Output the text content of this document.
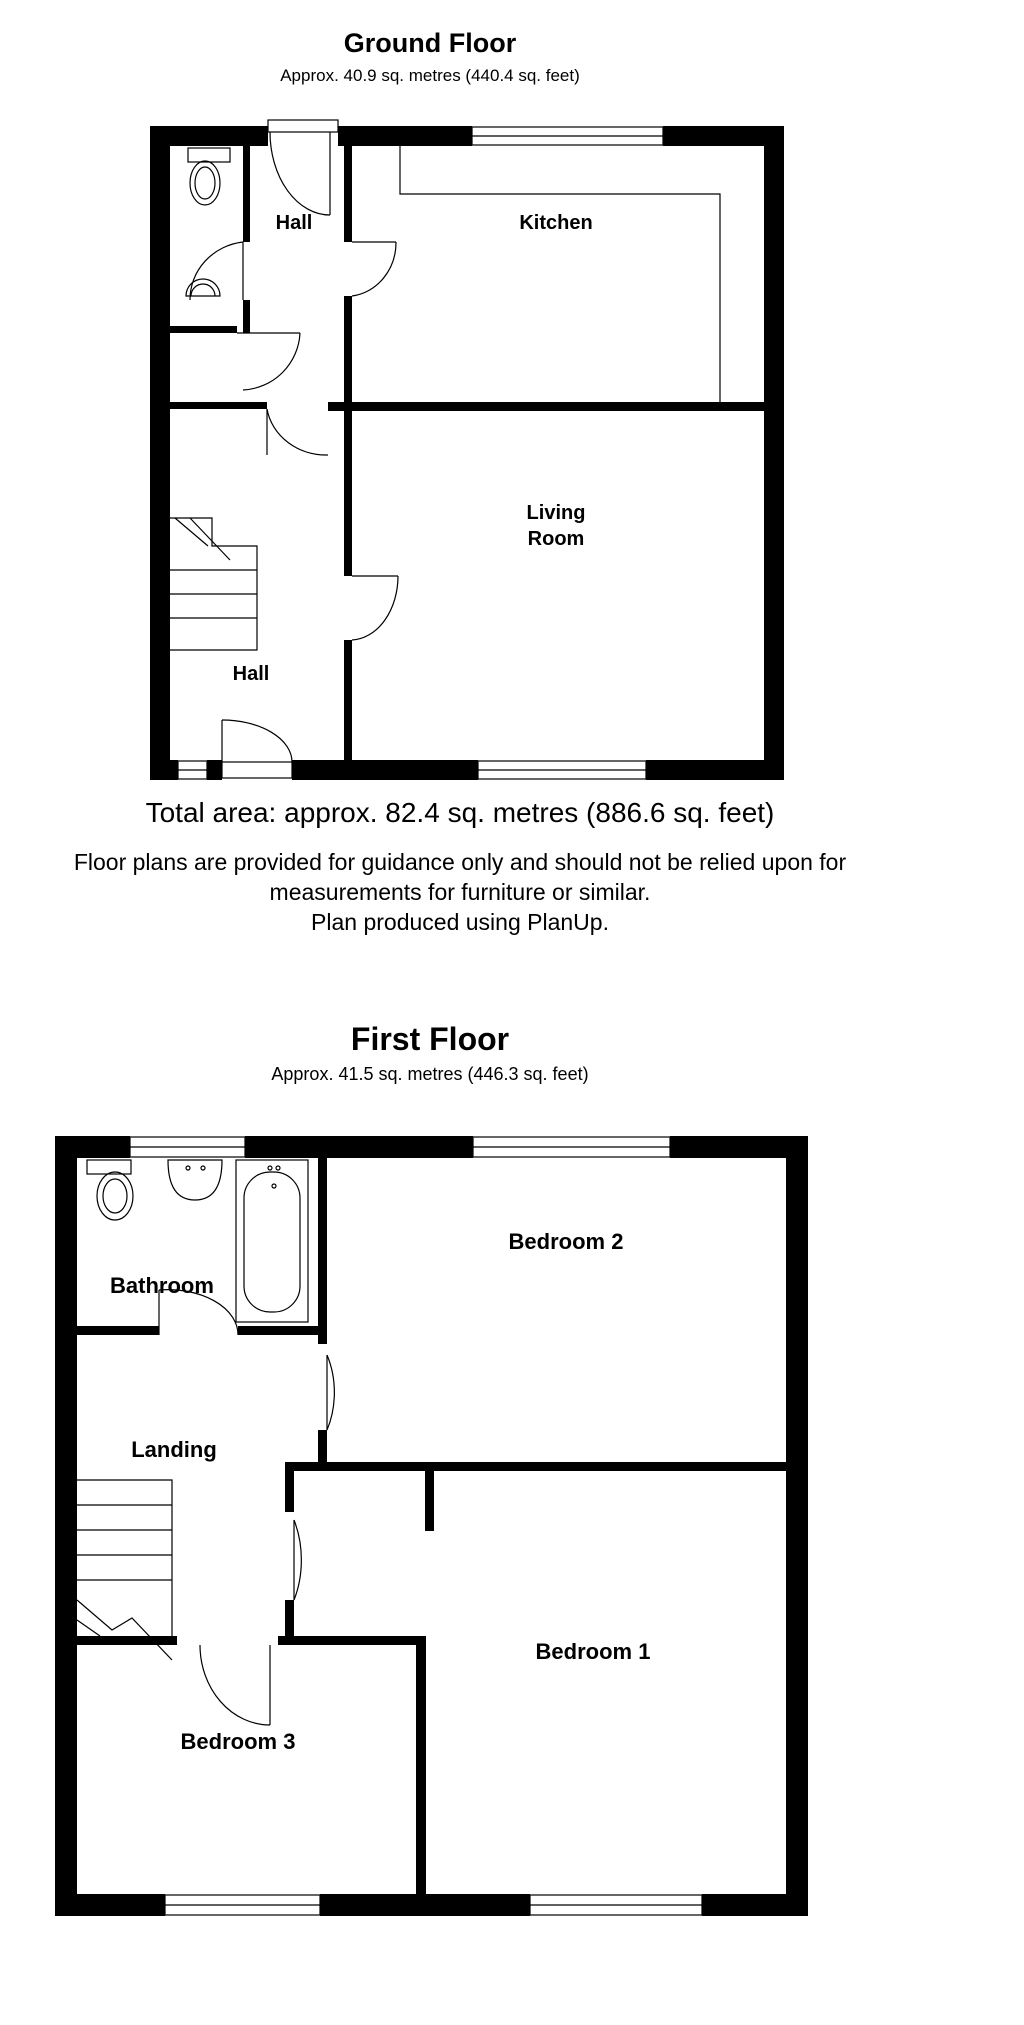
Ground Floor
Approx. 40.9 sq. metres (440.4 sq. feet)
Hall	Kitchen
Living
Room
Hall
Total area: approx. 82.4 sq. metres (886.6 sq. feet)
Floor plans are provided for guidance only and should not be relied upon for
measurements for furniture or similar.
Plan produced using PlanUp.
First Floor
Approx. 41.5 sq. metres (446.3 sq. feet)
Bedroom 2
Bathroom
Landing
Bedroom 1
Bedroom 3
